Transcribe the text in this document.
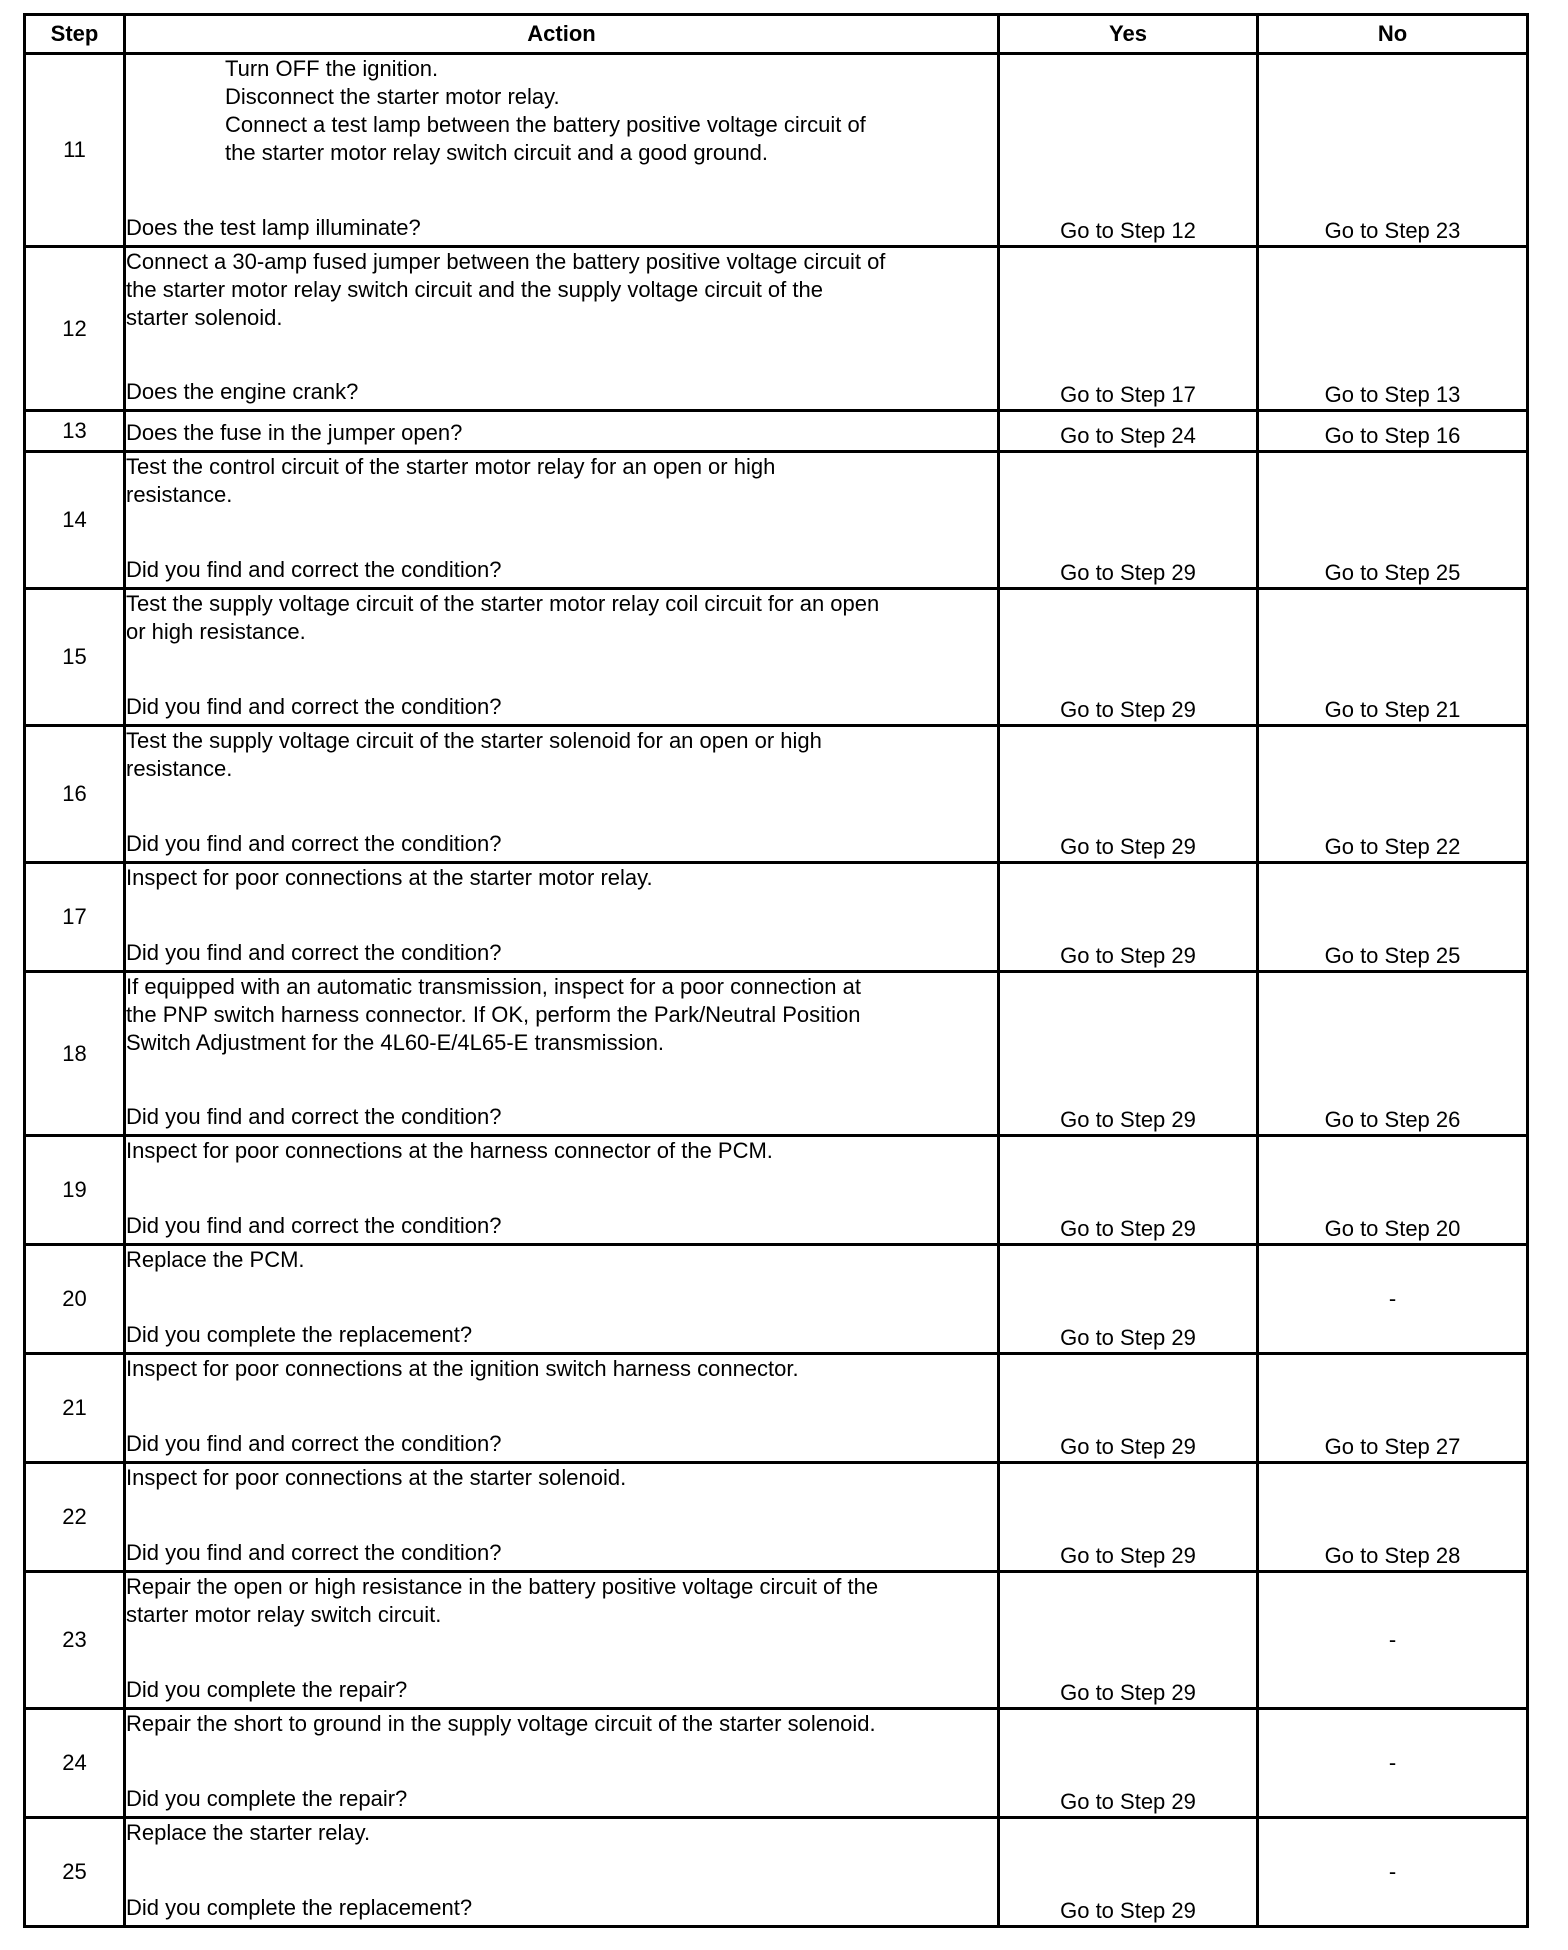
Step	Action	Yes	No
11	Turn OFF the ignition.
Disconnect the starter motor relay.
Connect a test lamp between the battery positive voltage circuit of
the starter motor relay switch circuit and a good ground.
Does the test lamp illuminate?	Go to Step 12	Go to Step 23
12	Connect a 30-amp fused jumper between the battery positive voltage circuit of
the starter motor relay switch circuit and the supply voltage circuit of the
starter solenoid.
Does the engine crank?	Go to Step 17	Go to Step 13
13	Does the fuse in the jumper open?	Go to Step 24	Go to Step 16
14	Test the control circuit of the starter motor relay for an open or high
resistance.
Did you find and correct the condition?	Go to Step 29	Go to Step 25
15	Test the supply voltage circuit of the starter motor relay coil circuit for an open
or high resistance.
Did you find and correct the condition?	Go to Step 29	Go to Step 21
16	Test the supply voltage circuit of the starter solenoid for an open or high
resistance.
Did you find and correct the condition?	Go to Step 29	Go to Step 22
17	Inspect for poor connections at the starter motor relay.
Did you find and correct the condition?	Go to Step 29	Go to Step 25
18	If equipped with an automatic transmission, inspect for a poor connection at
the PNP switch harness connector. If OK, perform the Park/Neutral Position
Switch Adjustment for the 4L60-E/4L65-E transmission.
Did you find and correct the condition?	Go to Step 29	Go to Step 26
19	Inspect for poor connections at the harness connector of the PCM.
Did you find and correct the condition?	Go to Step 29	Go to Step 20
20	Replace the PCM.
Did you complete the replacement?	Go to Step 29	-
21	Inspect for poor connections at the ignition switch harness connector.
Did you find and correct the condition?	Go to Step 29	Go to Step 27
22	Inspect for poor connections at the starter solenoid.
Did you find and correct the condition?	Go to Step 29	Go to Step 28
23	Repair the open or high resistance in the battery positive voltage circuit of the
starter motor relay switch circuit.
Did you complete the repair?	Go to Step 29	-
24	Repair the short to ground in the supply voltage circuit of the starter solenoid.
Did you complete the repair?	Go to Step 29	-
25	Replace the starter relay.
Did you complete the replacement?	Go to Step 29	-
